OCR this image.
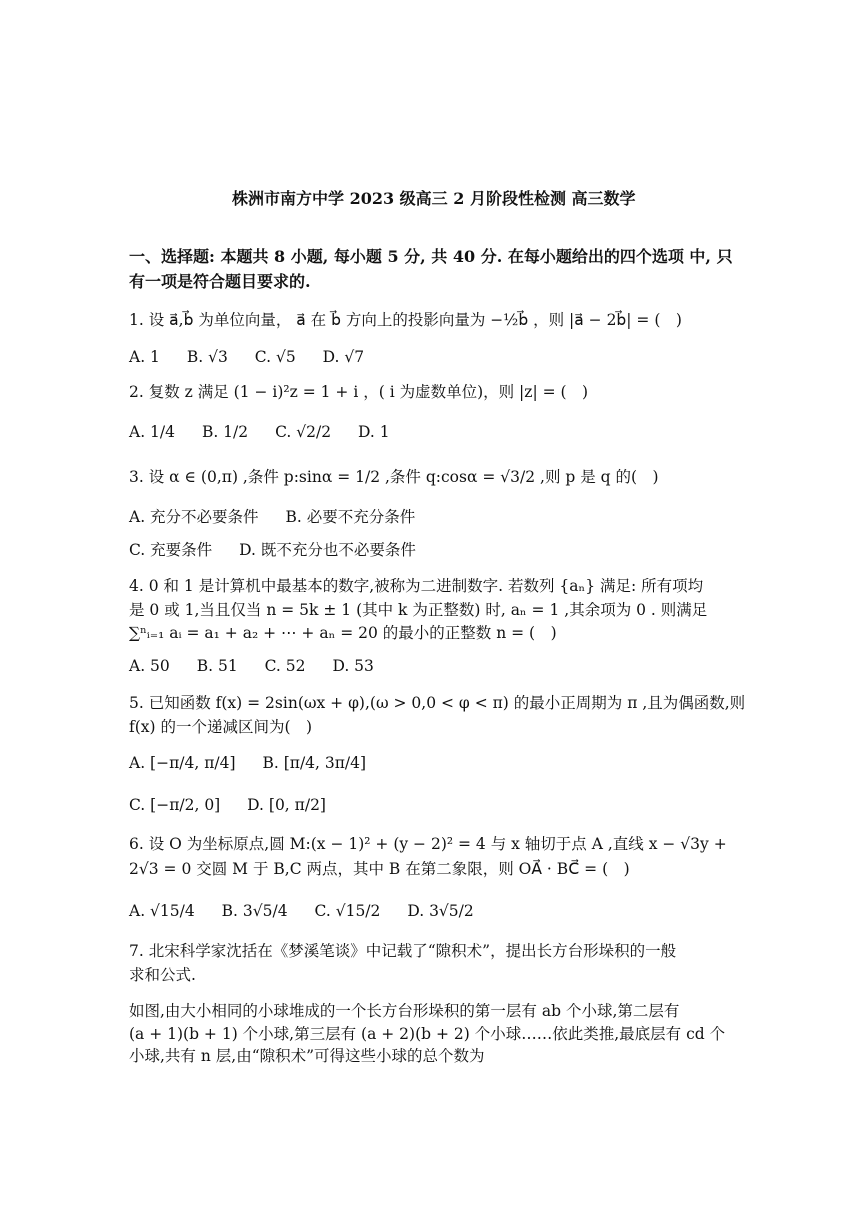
株洲市南方中学 2023 级高三 2 月阶段性检测 高三数学
一、选择题: 本题共 8 小题, 每小题 5 分, 共 40 分. 在每小题给出的四个选项 中, 只
有一项是符合题目要求的.
1. 设 a⃗,b⃗ 为单位向量， a⃗ 在 b⃗ 方向上的投影向量为 −½b⃗ ，则 |a⃗ − 2b⃗| = (　)
A. 1 B. √3 C. √5 D. √7
2. 复数 z 满足 (1 − i)²z = 1 + i ，( i 为虚数单位)，则 |z| = (　)
A. 1/4 B. 1/2 C. √2/2 D. 1
3. 设 α ∈ (0,π) ,条件 p:sinα = 1/2 ,条件 q:cosα = √3/2 ,则 p 是 q 的(　)
A. 充分不必要条件 B. 必要不充分条件
C. 充要条件 D. 既不充分也不必要条件
4. 0 和 1 是计算机中最基本的数字,被称为二进制数字. 若数列 {aₙ} 满足: 所有项均
是 0 或 1,当且仅当 n = 5k ± 1 (其中 k 为正整数) 时, aₙ = 1 ,其余项为 0 . 则满足
∑ⁿᵢ₌₁ aᵢ = a₁ + a₂ + ⋯ + aₙ = 20 的最小的正整数 n = (　)
A. 50 B. 51 C. 52 D. 53
5. 已知函数 f(x) = 2sin(ωx + φ),(ω > 0,0 < φ < π) 的最小正周期为 π ,且为偶函数,则
f(x) 的一个递减区间为(　)
A. [−π/4, π/4] B. [π/4, 3π/4]
C. [−π/2, 0] D. [0, π/2]
6. 设 O 为坐标原点,圆 M:(x − 1)² + (y − 2)² = 4 与 x 轴切于点 A ,直线 x − √3y +
2√3 = 0 交圆 M 于 B,C 两点，其中 B 在第二象限，则 OA⃗ · BC⃗ = (　)
A. √15/4 B. 3√5/4 C. √15/2 D. 3√5/2
7. 北宋科学家沈括在《梦溪笔谈》中记载了“隙积术”，提出长方台形垛积的一般
求和公式.
如图,由大小相同的小球堆成的一个长方台形垛积的第一层有 ab 个小球,第二层有
(a + 1)(b + 1) 个小球,第三层有 (a + 2)(b + 2) 个小球……依此类推,最底层有 cd 个
小球,共有 n 层,由“隙积术”可得这些小球的总个数为
